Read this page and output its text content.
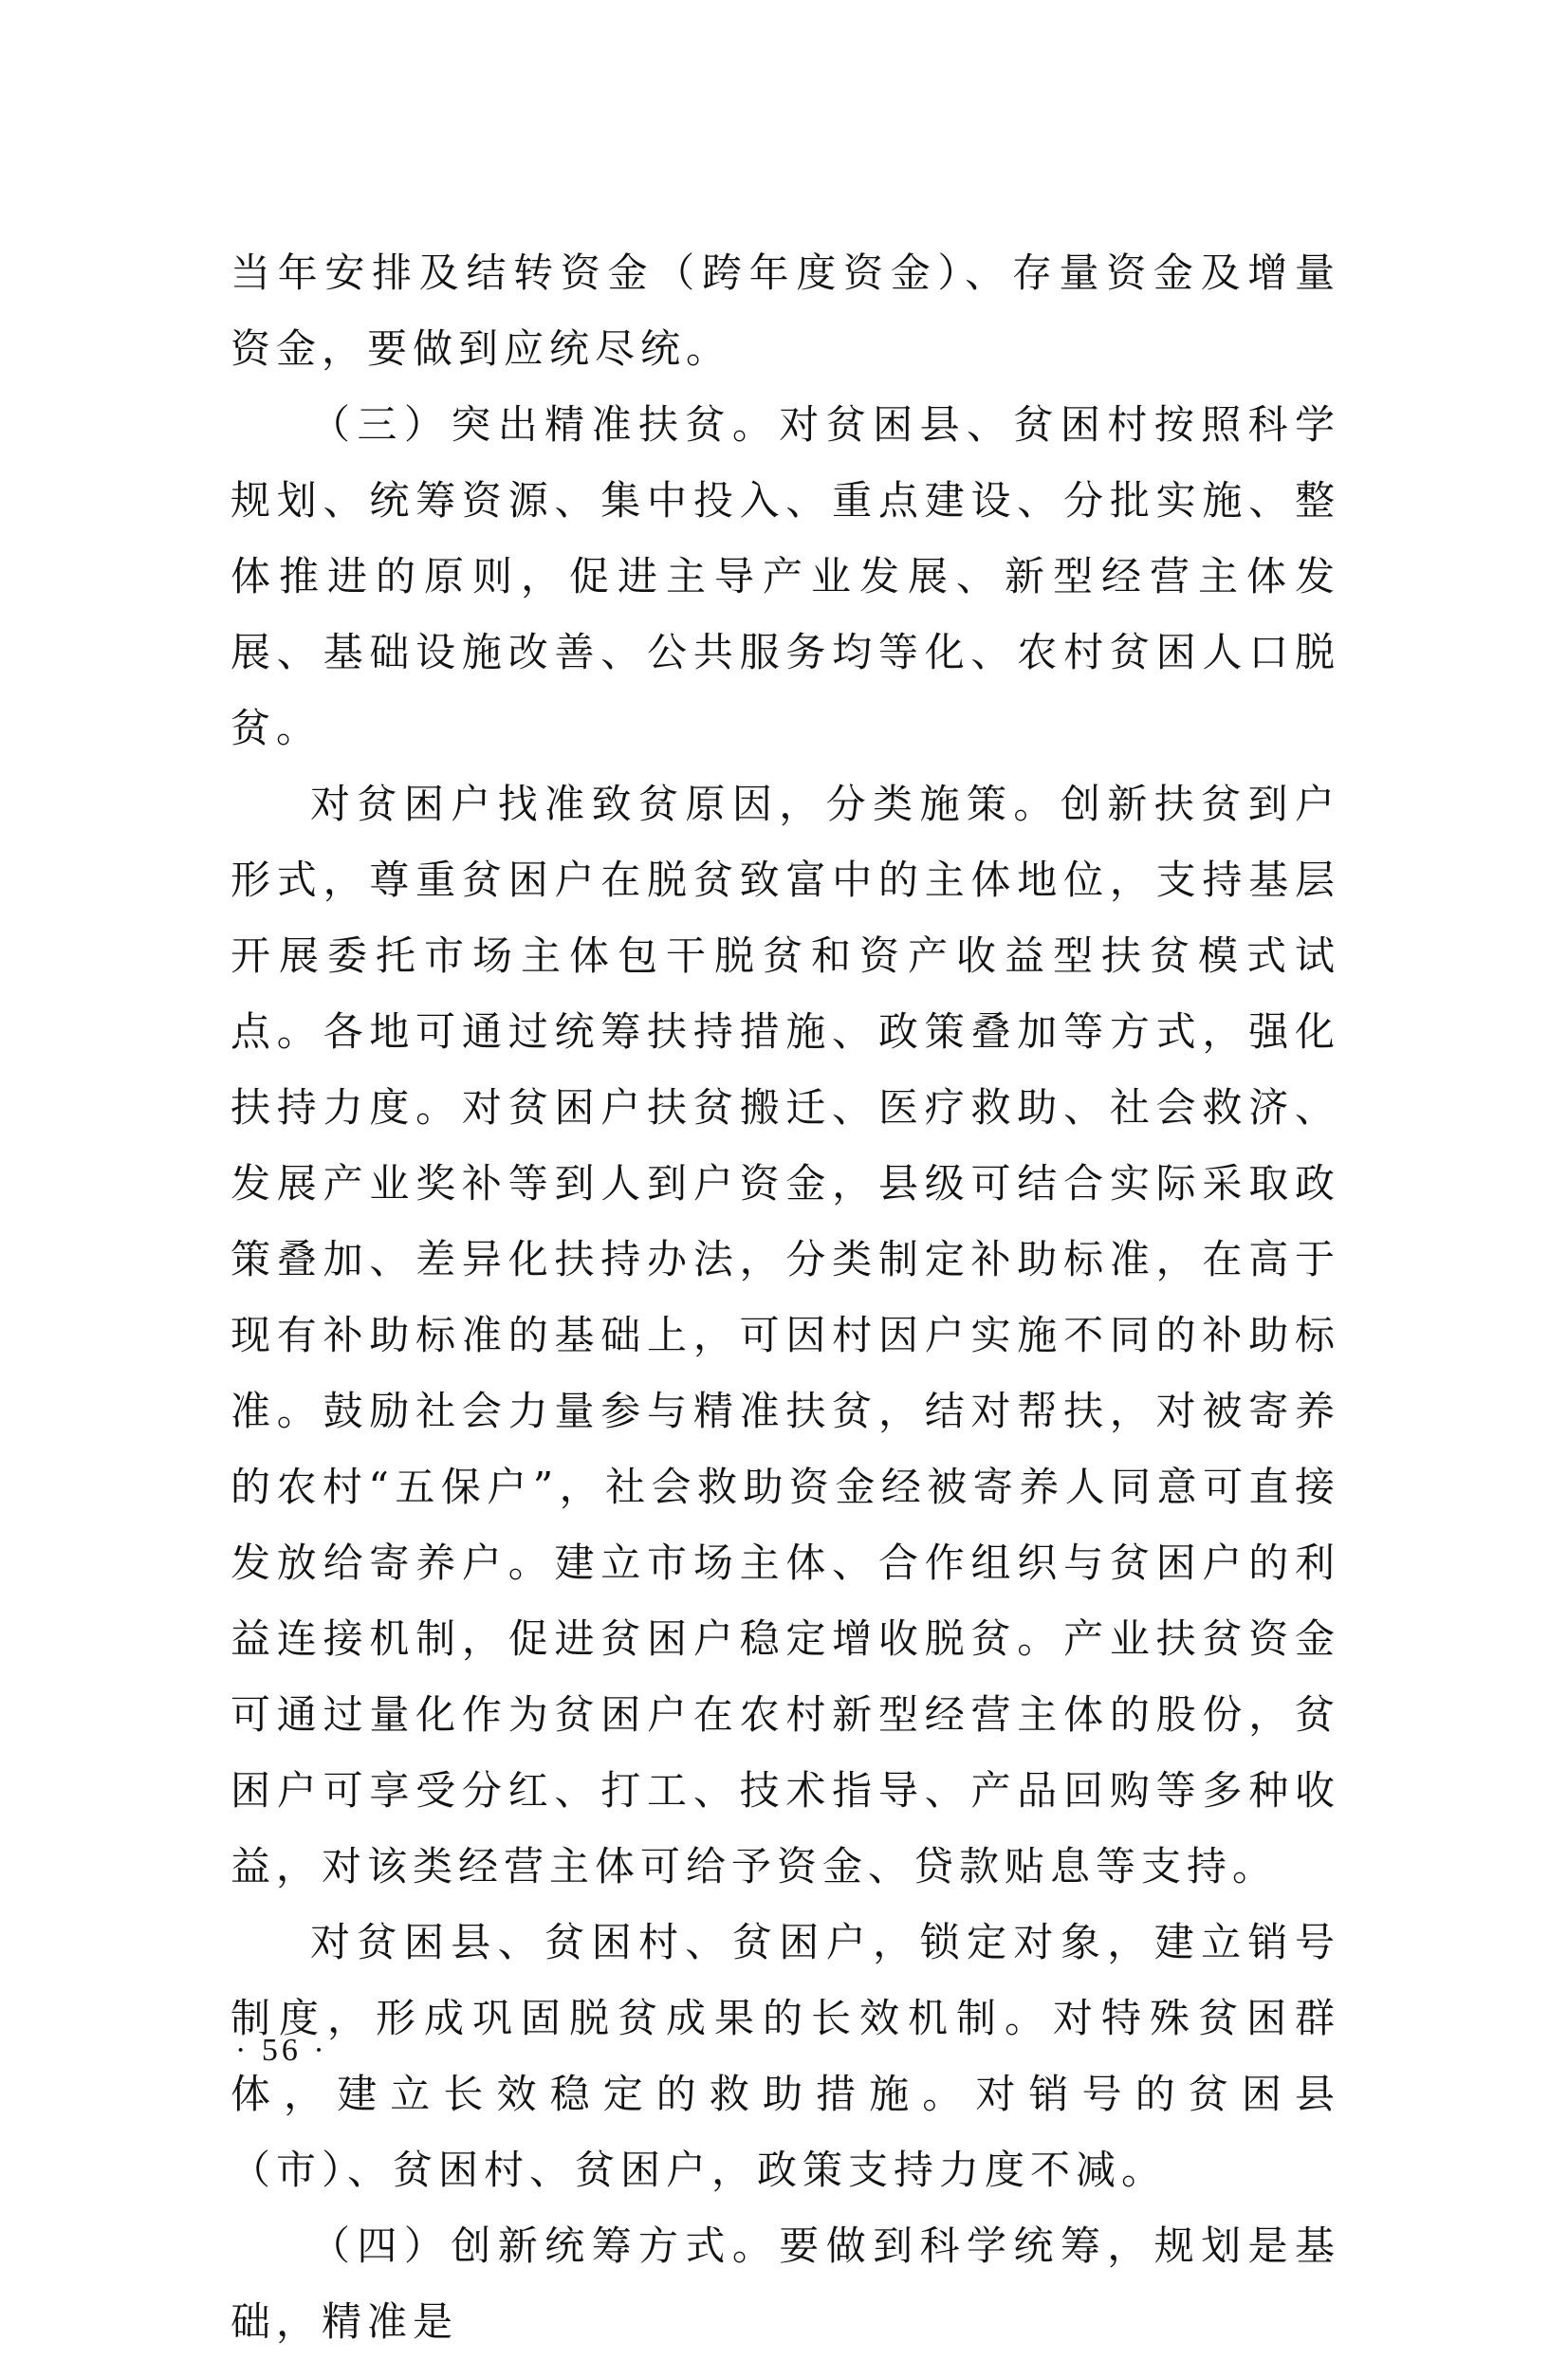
当年安排及结转资金（跨年度资金）、存量资金及增量资金，要做到应统尽统。

（三）突出精准扶贫。对贫困县、贫困村按照科学规划、统筹资源、集中投入、重点建设、分批实施、整体推进的原则，促进主导产业发展、新型经营主体发展、基础设施改善、公共服务均等化、农村贫困人口脱贫。

对贫困户找准致贫原因，分类施策。创新扶贫到户形式，尊重贫困户在脱贫致富中的主体地位，支持基层开展委托市场主体包干脱贫和资产收益型扶贫模式试点。各地可通过统筹扶持措施、政策叠加等方式，强化扶持力度。对贫困户扶贫搬迁、医疗救助、社会救济、发展产业奖补等到人到户资金，县级可结合实际采取政策叠加、差异化扶持办法，分类制定补助标准，在高于现有补助标准的基础上，可因村因户实施不同的补助标准。鼓励社会力量参与精准扶贫，结对帮扶，对被寄养的农村“五保户”，社会救助资金经被寄养人同意可直接发放给寄养户。建立市场主体、合作组织与贫困户的利益连接机制，促进贫困户稳定增收脱贫。产业扶贫资金可通过量化作为贫困户在农村新型经营主体的股份，贫困户可享受分红、打工、技术指导、产品回购等多种收益，对该类经营主体可给予资金、贷款贴息等支持。

对贫困县、贫困村、贫困户，锁定对象，建立销号制度，形成巩固脱贫成果的长效机制。对特殊贫困群体，建立长效稳定的救助措施。对销号的贫困县（市）、贫困村、贫困户，政策支持力度不减。

（四）创新统筹方式。要做到科学统筹，规划是基础，精准是

· 56 ·
